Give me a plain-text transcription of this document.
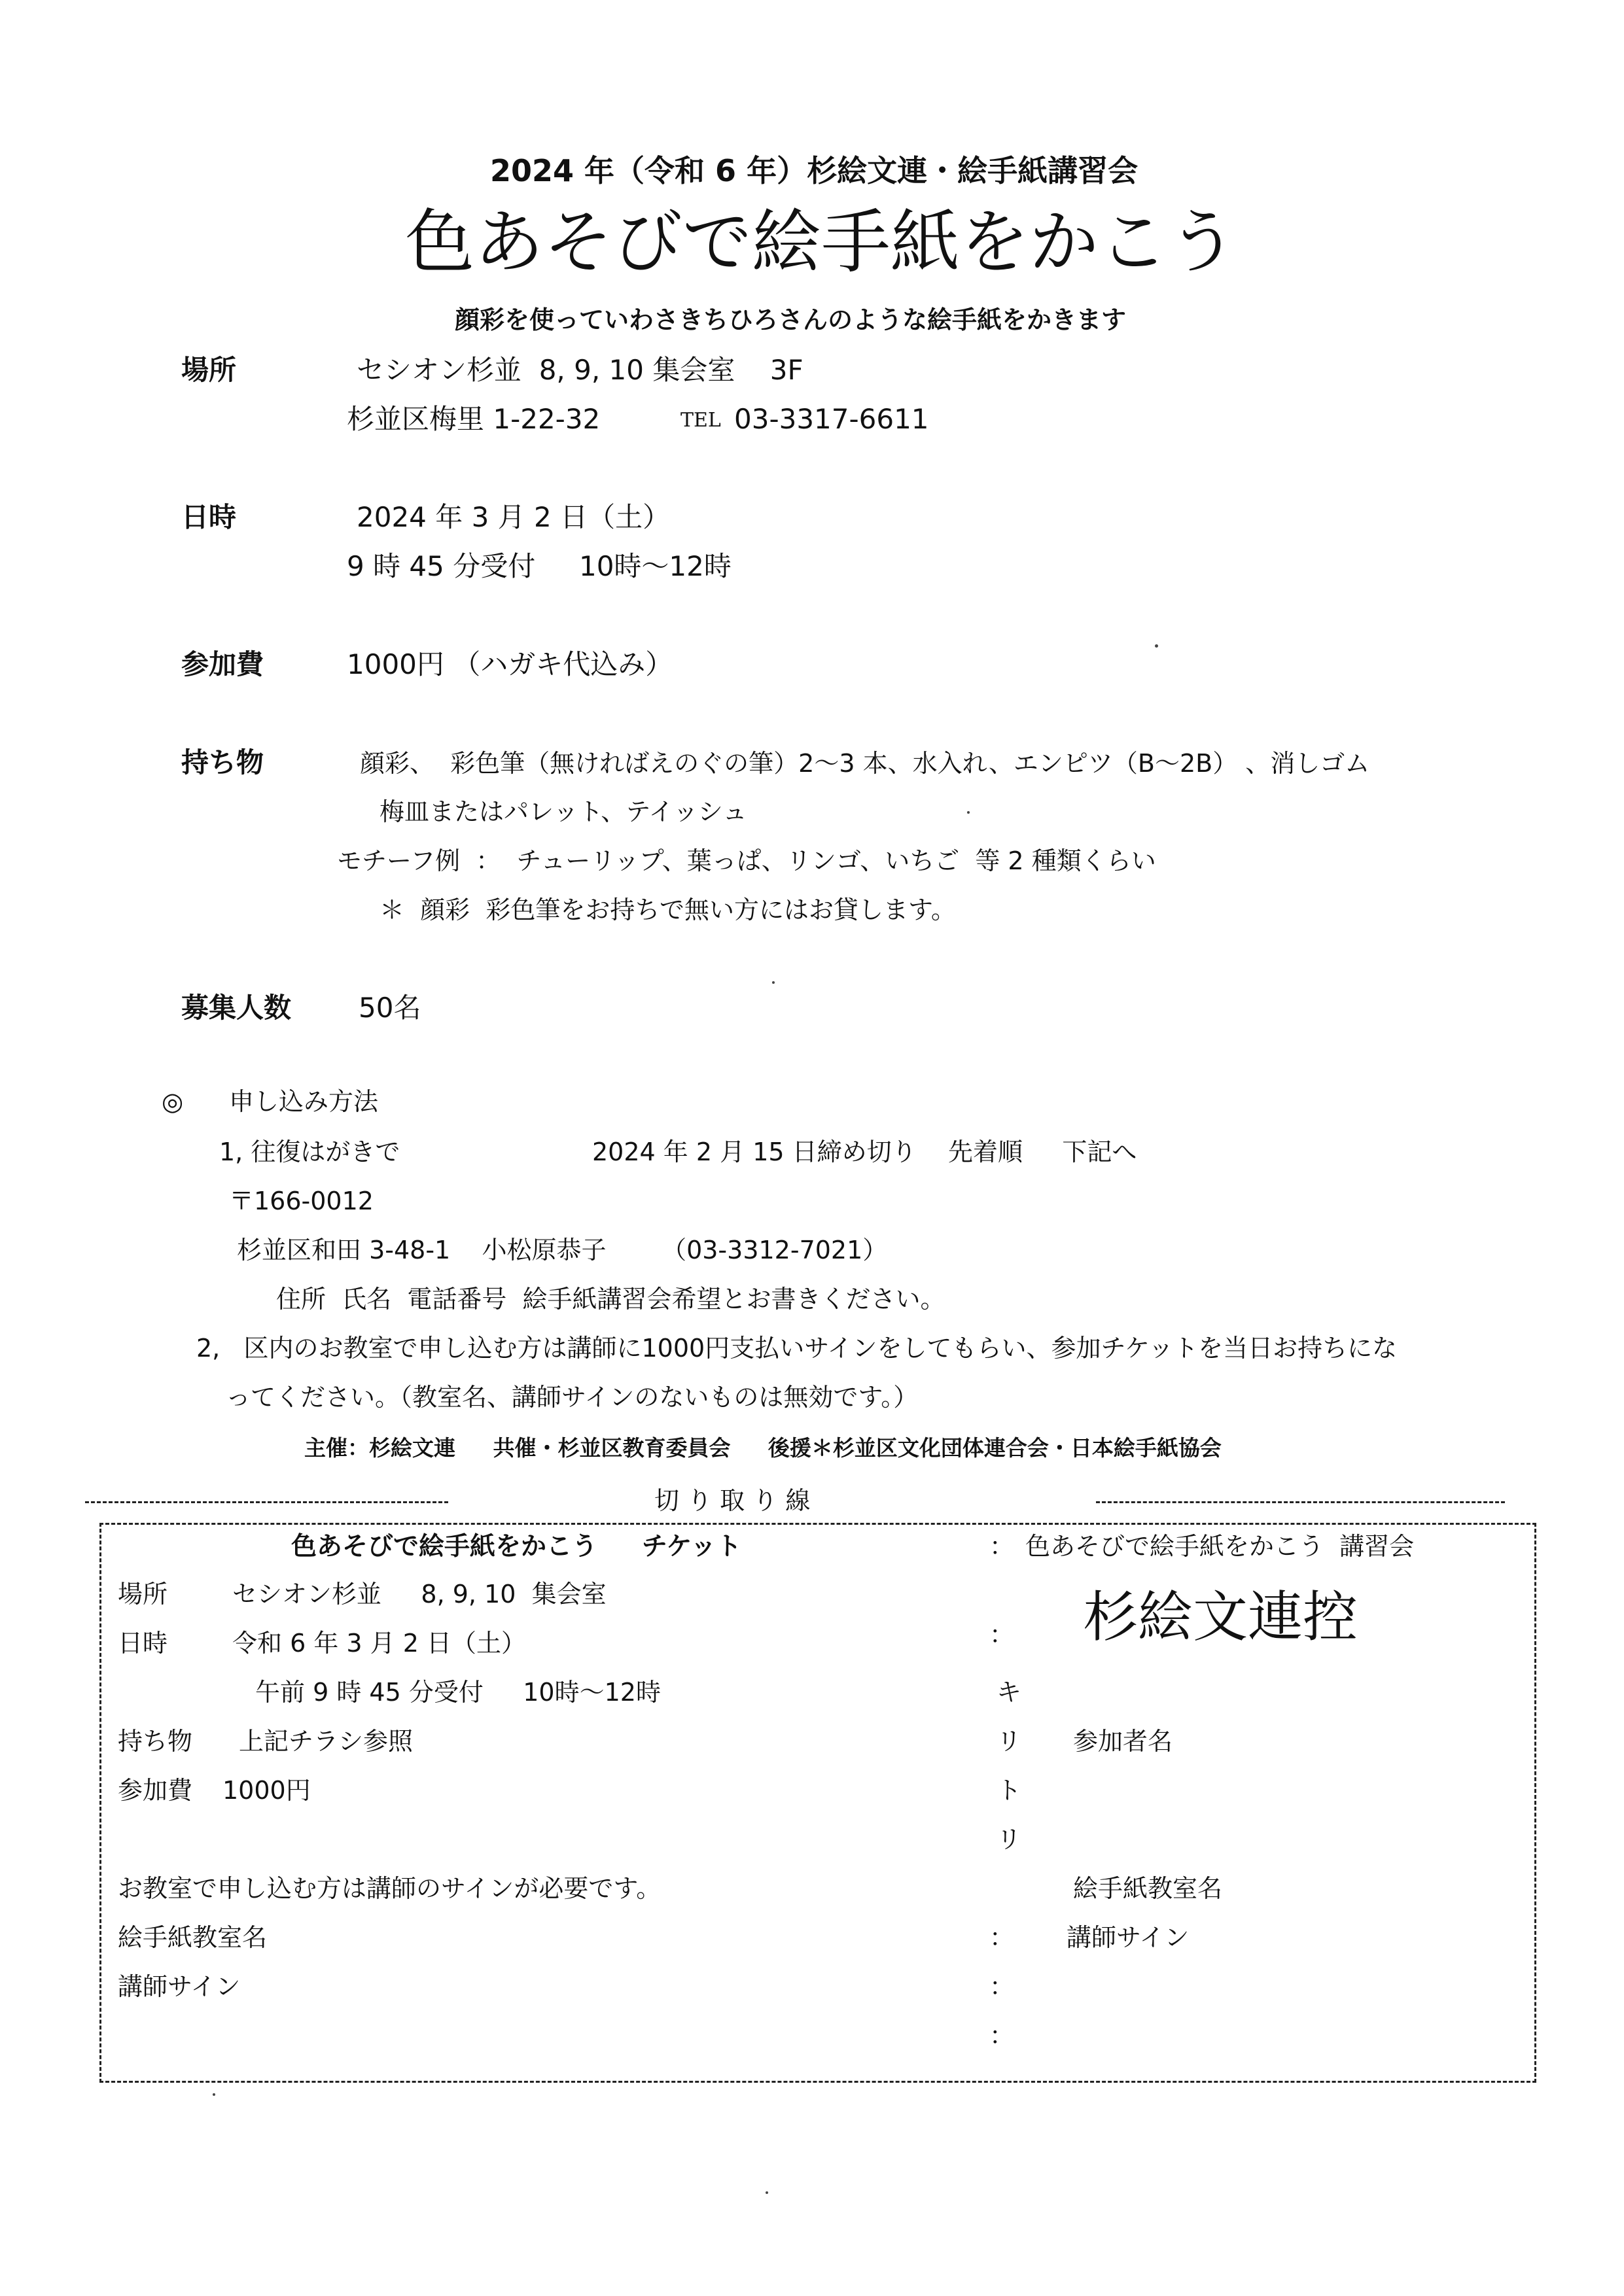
2024 年（令和 6 年）杉絵文連・絵手紙講習会
色あそびで絵手紙をかこう
顔彩を使っていわさきちひろさんのような絵手紙をかきます
場所	セシオン杉並  8, 9, 10 集会室    3F
杉並区梅里 1-22-32	TEL 03-3317-6611
日時	2024 年 3 月 2 日（土）
9 時 45 分受付     10時～12時
参加費	1000円 （ハガキ代込み）
持ち物	顔彩、  彩色筆（無ければえのぐの筆）2～3 本、水入れ、エンピツ（B～2B） 、消しゴム
梅皿またはパレット、テイッシュ
モチーフ例  ：  チューリップ、葉っぱ、リンゴ、いちご  等 2 種類くらい
＊  顔彩  彩色筆をお持ちで無い方にはお貸します。
募集人数 50名
◎ 申し込み方法
1, 往復はがきで	2024 年 2 月 15 日締め切り    先着順     下記へ
〒166-0012
杉並区和田 3-48-1    小松原恭子       （03-3312-7021）
住所  氏名  電話番号  絵手紙講習会希望とお書きください。
2,   区内のお教室で申し込む方は講師に1000円支払いサインをしてもらい、参加チケットを当日お持ちにな
ってください。（教室名、講師サインのないものは無効です。）
主催：杉絵文連     共催・杉並区教育委員会     後援＊杉並区文化団体連合会・日本絵手紙協会
切 り 取 り 線
色あそびで絵手紙をかこう     チケット
場所	セシオン杉並     8, 9, 10  集会室
日時	令和 6 年 3 月 2 日（土）
午前 9 時 45 分受付     10時～12時
持ち物 上記チラシ参照
参加費 1000円
お教室で申し込む方は講師のサインが必要です。
絵手紙教室名
講師サイン
：
：
キ
リ
ト
リ
：
：
：
色あそびで絵手紙をかこう  講習会
杉絵文連控
参加者名
絵手紙教室名
講師サイン
